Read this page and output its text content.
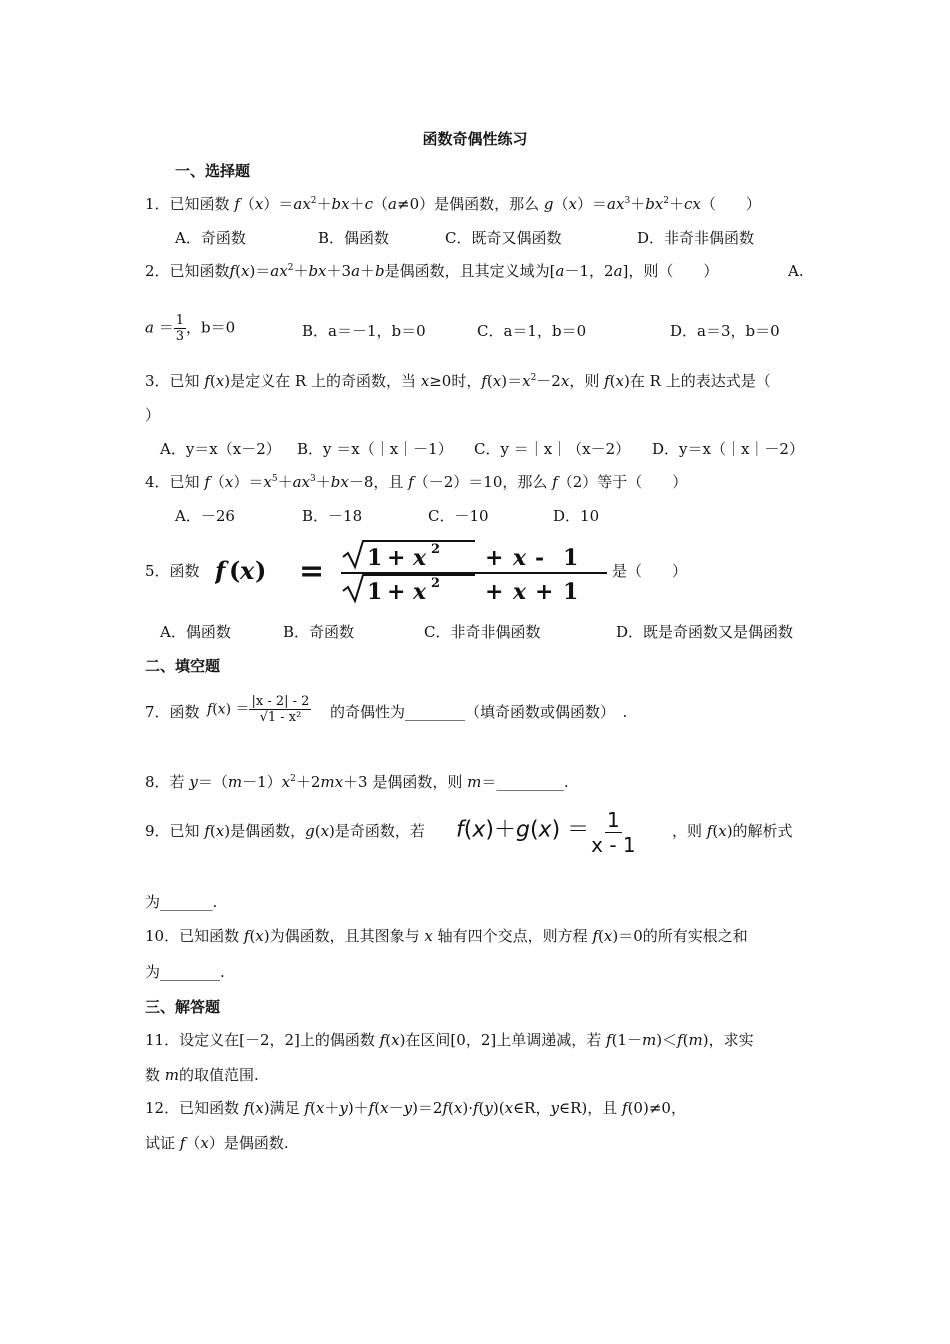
函数奇偶性练习
一、选择题
1．已知函数 $f(x)=ax^2+bx+c(a\ne 0)$是偶函数，那么 $g(x)=ax^3+bx^2+cx$（　　）
A．奇函数	B．偶函数	C．既奇又偶函数	D．非奇非偶函数
2．已知函数$f(x)=ax^2+bx+3a+b$是偶函数，且其定义域为[a－1，2a]，则（　　）	A.
$a = \frac{1}{3}$ ，b＝0	B．a＝－1，b＝0	C．a＝1，b＝0	D．a＝3，b＝0
3．已知 f(x)是定义在 R 上的奇函数，当 x≥0时，$f(x)=x^2-2x$，则 f(x)在 R 上的表达式是（
）
A．y＝x（x－2） B．y ＝x（｜x｜－1） C．y ＝｜x｜（x－2） D．y＝x（｜x｜－2）
4．已知 $f(x)=x^5+ax^3+bx-8$，且 f（－2）＝10，那么 f（2）等于（　　）
A．－26	B．－18	C．－10	D．10
5．函数 f ( x ) = 1 + x 2 + x - 1
1 + x 2 + x + 1
是（　　）
A．偶函数	B．奇函数	C．非奇非偶函数	D．既是奇函数又是偶函数
二、填空题
7．函数 $f(x) = \frac{|x - 2| - 2}{\text{√1 - x²}}$ 的奇偶性为________（填奇函数或偶函数）　.
8．若 $y=(m-1)x^2+2mx+3$ 是偶函数，则 m＝_________.
9．已知 f(x)是偶函数，g(x)是奇函数，若 $f(x)+g(x) = \frac{1}{x - 1}$ ，则 f(x)的解析式
为_______.
10．已知函数 f(x)为偶函数，且其图象与 x 轴有四个交点，则方程 f(x)＝0的所有实根之和
为________.
三、解答题
11．设定义在[－2，2]上的偶函数 f(x)在区间[0，2]上单调递减，若 f(1－m)＜f(m)，求实
数 m的取值范围.
12．已知函数 f(x)满足 f(x＋y)＋f(x－y)＝2f(x)·f(y)(x∈R，y∈R)，且 f(0)≠0，
试证 f（x）是偶函数.
